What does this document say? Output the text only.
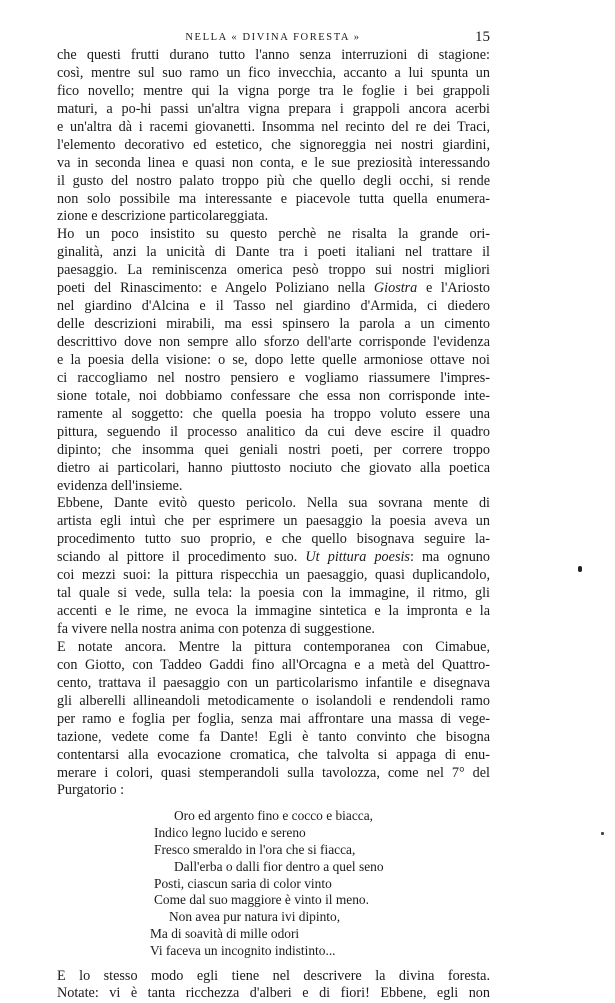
NELLA « DIVINA FORESTA »	15
che questi frutti durano tutto l'anno senza interruzioni di stagione:
così, mentre sul suo ramo un fico invecchia, accanto a lui spunta un
fico novello; mentre qui la vigna porge tra le foglie i bei grappoli
maturi, a po-hi passi un'altra vigna prepara i grappoli ancora acerbi
e un'altra dà i racemi giovanetti. Insomma nel recinto del re dei Traci,
l'elemento decorativo ed estetico, che signoreggia nei nostri giardini,
va in seconda linea e quasi non conta, e le sue preziosità interessando
il gusto del nostro palato troppo più che quello degli occhi, si rende
non solo possibile ma interessante e piacevole tutta quella enumera-
zione e descrizione particolareggiata.
Ho un poco insistito su questo perchè ne risalta la grande ori-
ginalità, anzi la unicità di Dante tra i poeti italiani nel trattare il
paesaggio. La reminiscenza omerica pesò troppo sui nostri migliori
poeti del Rinascimento: e Angelo Poliziano nella Giostra e l'Ariosto
nel giardino d'Alcina e il Tasso nel giardino d'Armida, ci diedero
delle descrizioni mirabili, ma essi spinsero la parola a un cimento
descrittivo dove non sempre allo sforzo dell'arte corrisponde l'evidenza
e la poesia della visione: o se, dopo lette quelle armoniose ottave noi
ci raccogliamo nel nostro pensiero e vogliamo riassumere l'impres-
sione totale, noi dobbiamo confessare che essa non corrisponde inte-
ramente al soggetto: che quella poesia ha troppo voluto essere una
pittura, seguendo il processo analitico da cui deve escire il quadro
dipinto; che insomma quei geniali nostri poeti, per correre troppo
dietro ai particolari, hanno piuttosto nociuto che giovato alla poetica
evidenza dell'insieme.
Ebbene, Dante evitò questo pericolo. Nella sua sovrana mente di
artista egli intuì che per esprimere un paesaggio la poesia aveva un
procedimento tutto suo proprio, e che quello bisognava seguire la-
sciando al pittore il procedimento suo. Ut pittura poesis: ma ognuno
coi mezzi suoi: la pittura rispecchia un paesaggio, quasi duplicandolo,
tal quale si vede, sulla tela: la poesia con la immagine, il ritmo, gli
accenti e le rime, ne evoca la immagine sintetica e la impronta e la
fa vivere nella nostra anima con potenza di suggestione.
E notate ancora. Mentre la pittura contemporanea con Cimabue,
con Giotto, con Taddeo Gaddi fino all'Orcagna e a metà del Quattro-
cento, trattava il paesaggio con un particolarismo infantile e disegnava
gli alberelli allineandoli metodicamente o isolandoli e rendendoli ramo
per ramo e foglia per foglia, senza mai affrontare una massa di vege-
tazione, vedete come fa Dante! Egli è tanto convinto che bisogna
contentarsi alla evocazione cromatica, che talvolta si appaga di enu-
merare i colori, quasi stemperandoli sulla tavolozza, come nel 7° del
Purgatorio :
Oro ed argento fino e cocco e biacca,
Indico legno lucido e sereno
Fresco smeraldo in l'ora che si fiacca,
Dall'erba o dalli fior dentro a quel seno
Posti, ciascun saria di color vinto
Come dal suo maggiore è vinto il meno.
Non avea pur natura ivi dipinto,
Ma di soavità di mille odori
Vi faceva un incognito indistinto...
E lo stesso modo egli tiene nel descrivere la divina foresta.
Notate: vi è tanta ricchezza d'alberi e di fiori! Ebbene, egli non
